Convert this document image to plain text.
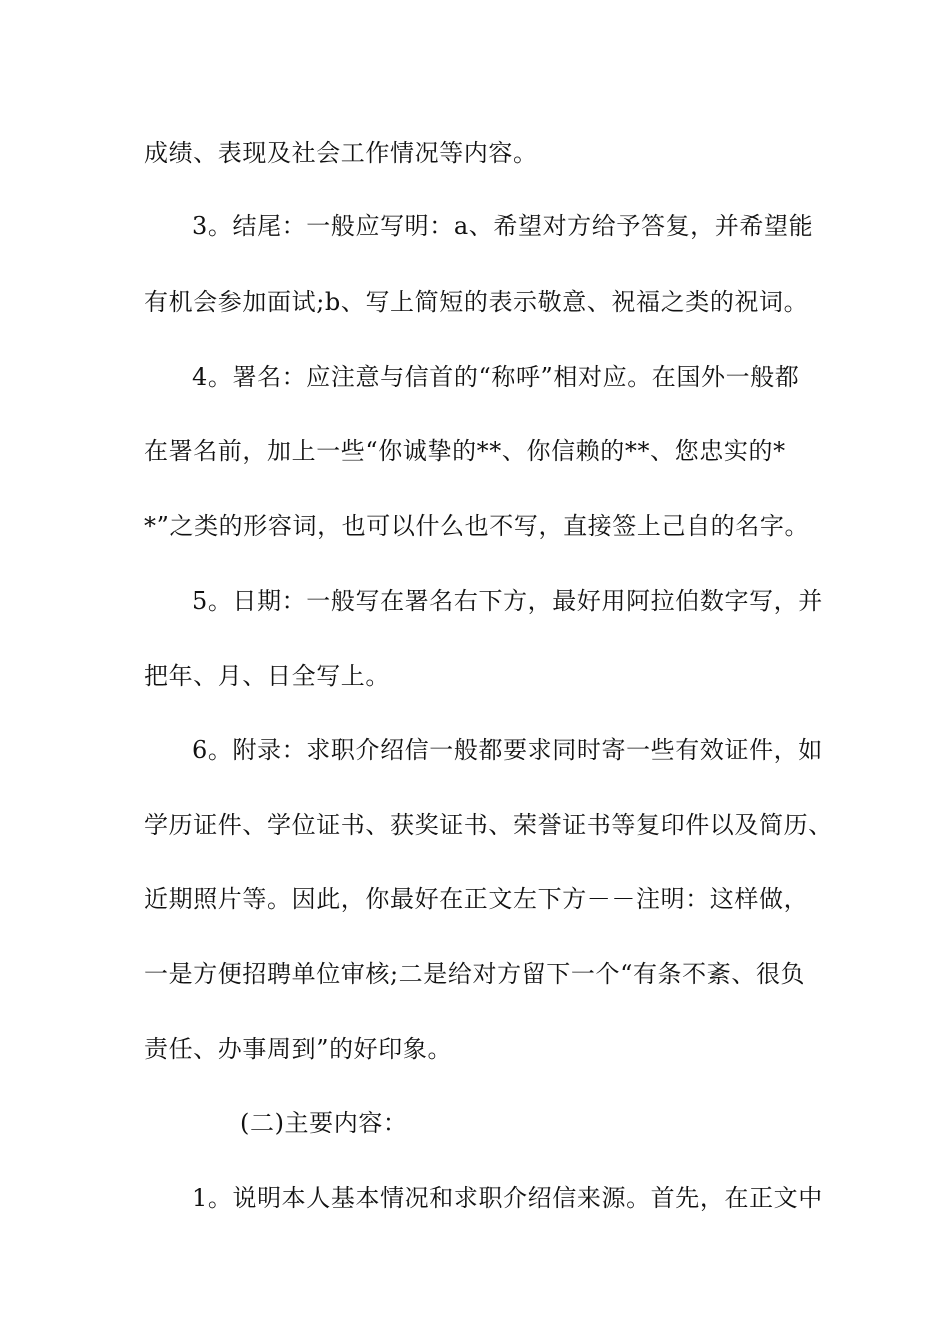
成绩、表现及社会工作情况等内容。
3。结尾：一般应写明：a、希望对方给予答复，并希望能
有机会参加面试;b、写上简短的表示敬意、祝福之类的祝词。
4。署名：应注意与信首的“称呼”相对应。在国外一般都
在署名前，加上一些“你诚挚的**、你信赖的**、您忠实的*
*”之类的形容词，也可以什么也不写，直接签上己自的名字。
5。日期：一般写在署名右下方，最好用阿拉伯数字写，并
把年、月、日全写上。
6。附录：求职介绍信一般都要求同时寄一些有效证件，如
学历证件、学位证书、获奖证书、荣誉证书等复印件以及简历、
近期照片等。因此，你最好在正文左下方－－注明：这样做，
一是方便招聘单位审核;二是给对方留下一个“有条不紊、很负
责任、办事周到”的好印象。
(二)主要内容：
1。说明本人基本情况和求职介绍信来源。首先，在正文中
